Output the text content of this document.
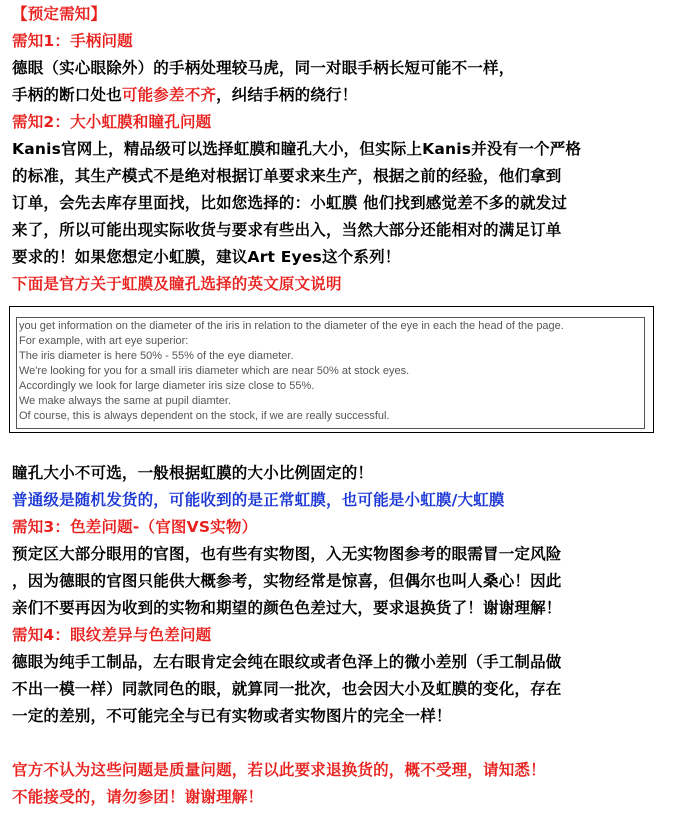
【预定需知】
需知1：手柄问题
德眼（实心眼除外）的手柄处理较马虎，同一对眼手柄长短可能不一样，
手柄的断口处也可能参差不齐，纠结手柄的绕行！
需知2：大小虹膜和瞳孔问题
Kanis官网上，精品级可以选择虹膜和瞳孔大小，但实际上Kanis并没有一个严格
的标准，其生产模式不是绝对根据订单要求来生产，根据之前的经验，他们拿到
订单，会先去库存里面找，比如您选择的：小虹膜 他们找到感觉差不多的就发过
来了，所以可能出现实际收货与要求有些出入，当然大部分还能相对的满足订单
要求的！如果您想定小虹膜，建议Art Eyes这个系列！
下面是官方关于虹膜及瞳孔选择的英文原文说明
you get information on the diameter of the iris in relation to the diameter of the eye in each the head of the page.
For example, with art eye superior:
The iris diameter is here 50% - 55% of the eye diameter.
We're looking for you for a small iris diameter which are near 50% at stock eyes.
Accordingly we look for large diameter iris size close to 55%.
We make always the same at pupil diamter.
Of course, this is always dependent on the stock, if we are really successful.
瞳孔大小不可选，一般根据虹膜的大小比例固定的！
普通级是随机发货的，可能收到的是正常虹膜，也可能是小虹膜/大虹膜
需知3：色差问题-（官图VS实物）
预定区大部分眼用的官图，也有些有实物图，入无实物图参考的眼需冒一定风险
，因为德眼的官图只能供大概参考，实物经常是惊喜，但偶尔也叫人桑心！因此
亲们不要再因为收到的实物和期望的颜色色差过大，要求退换货了！谢谢理解！
需知4：眼纹差异与色差问题
德眼为纯手工制品，左右眼肯定会纯在眼纹或者色泽上的微小差别（手工制品做
不出一模一样）同款同色的眼，就算同一批次，也会因大小及虹膜的变化，存在
一定的差别，不可能完全与已有实物或者实物图片的完全一样！
官方不认为这些问题是质量问题，若以此要求退换货的，概不受理，请知悉！
不能接受的，请勿参团！谢谢理解！
